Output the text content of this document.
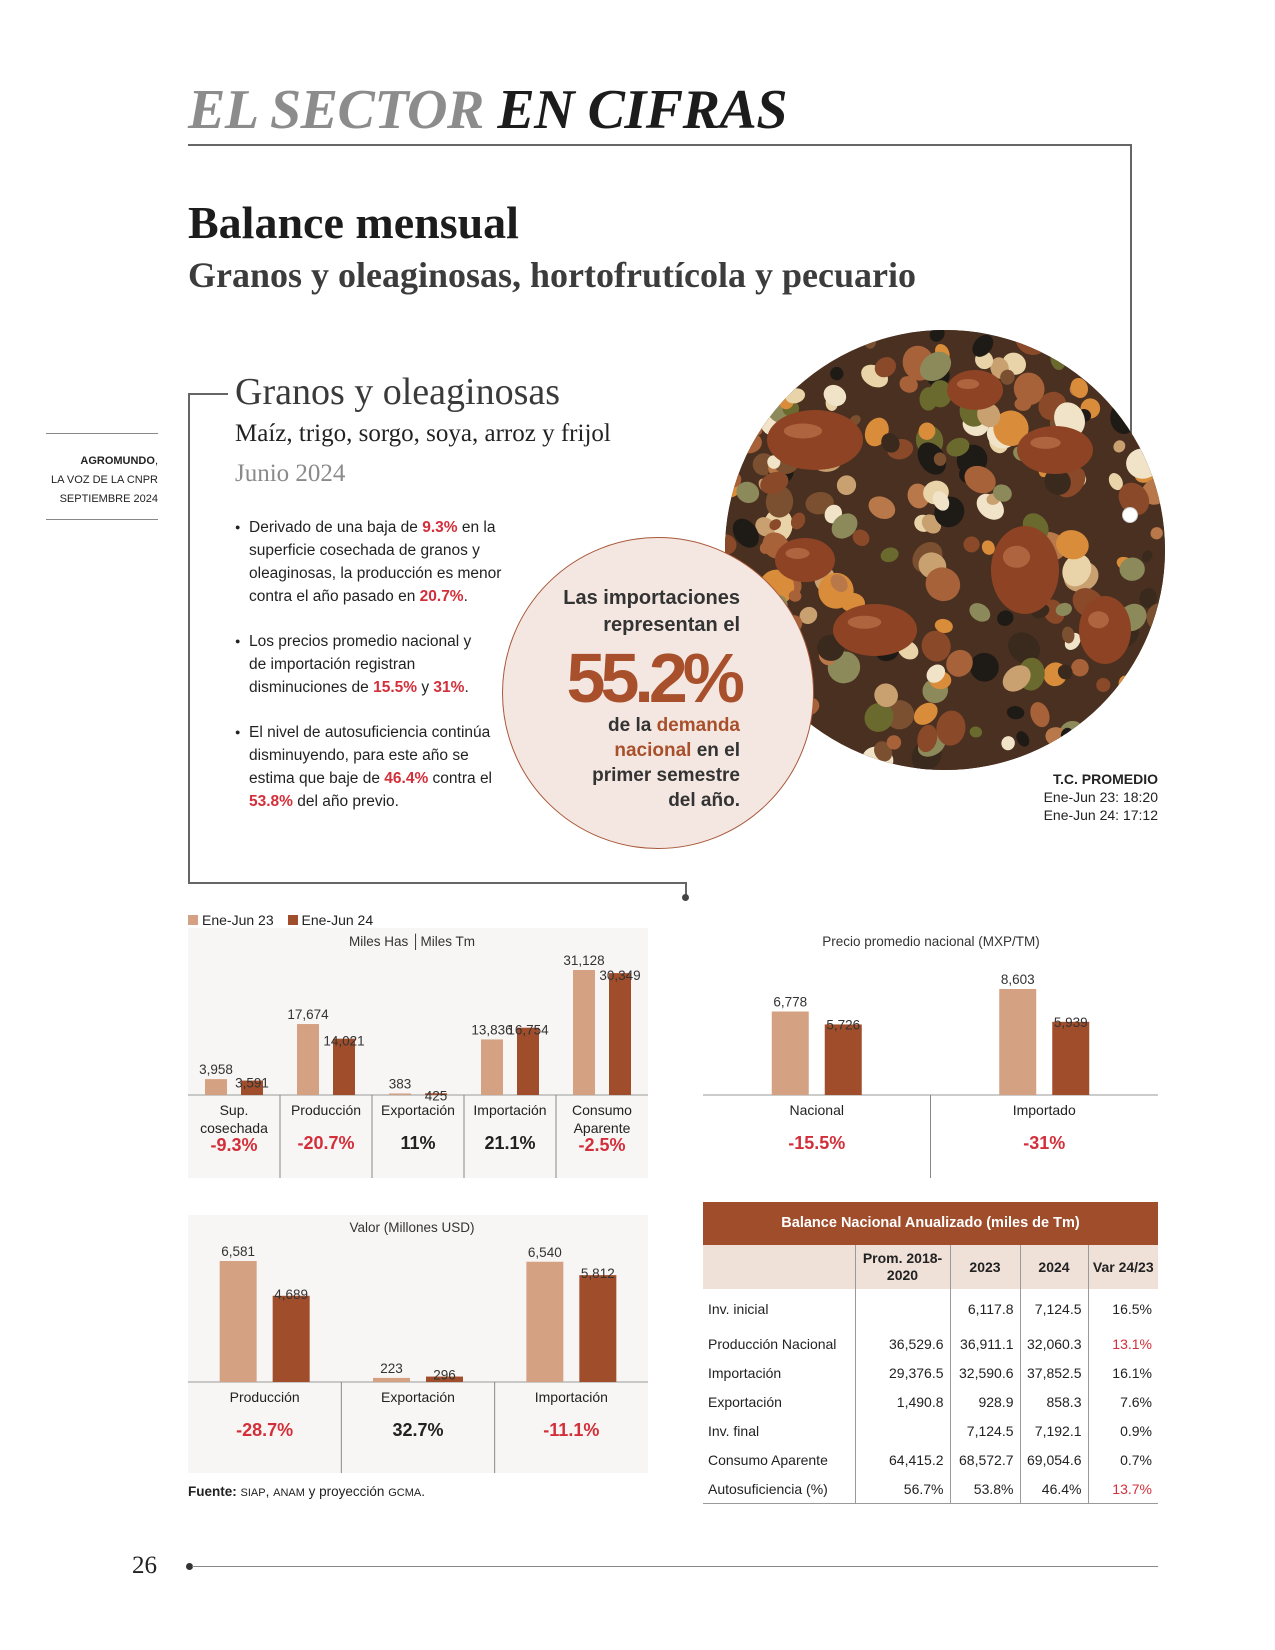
EL SECTOR EN CIFRAS
Balance mensual
Granos y oleaginosas, hortofrutícola y pecuario
AGROMUNDO,
LA VOZ DE LA CNPR
SEPTIEMBRE 2024
Granos y oleaginosas
Maíz, trigo, sorgo, soya, arroz y frijol
Junio 2024
● Derivado de una baja de 9.3% en la superficie cosechada de granos y oleaginosas, la producción es menor contra el año pasado en 20.7%.
● Los precios promedio nacional y de importación registran disminuciones de 15.5% y 31%.
● El nivel de autosuficiencia continúa disminuyendo, para este año se estima que baje de 46.4% contra el 53.8% del año previo.
Las importaciones
representan el
55.2%
de la demanda
nacional en el
primer semestre
del año.
T.C. PROMEDIO
Ene-Jun 23: 18:20
Ene-Jun 24: 17:12
Ene-Jun 23 Ene-Jun 24
Miles Has │Miles Tm
3,958
3,591
Sup.
cosechada
-9.3%
17,674
14,021
Producción
-20.7%
383
425
Exportación
11%
13,836
16,754
Importación
21.1%
31,128
30,349
Consumo
Aparente
-2.5%
Precio promedio nacional (MXP/TM)
6,778
5,726
Nacional
-15.5%
8,603
5,939
Importado
-31%
Valor (Millones USD)
6,581
4,689
Producción
-28.7%
223 296
Exportación
32.7%
6,540
5,812
Importación
-11.1%
Balance Nacional Anualizado (miles de Tm)
	Prom. 2018-2020	2023	2024	Var 24/23
Inv. inicial		6,117.8	7,124.5	16.5%
Producción Nacional	36,529.6	36,911.1	32,060.3	13.1%
Importación	29,376.5	32,590.6	37,852.5	16.1%
Exportación	1,490.8	928.9	858.3	7.6%
Inv. final		7,124.5	7,192.1	0.9%
Consumo Aparente	64,415.2	68,572.7	69,054.6	0.7%
Autosuficiencia (%)	56.7%	53.8%	46.4%	13.7%
Fuente: SIAP, ANAM y proyección GCMA.
26
